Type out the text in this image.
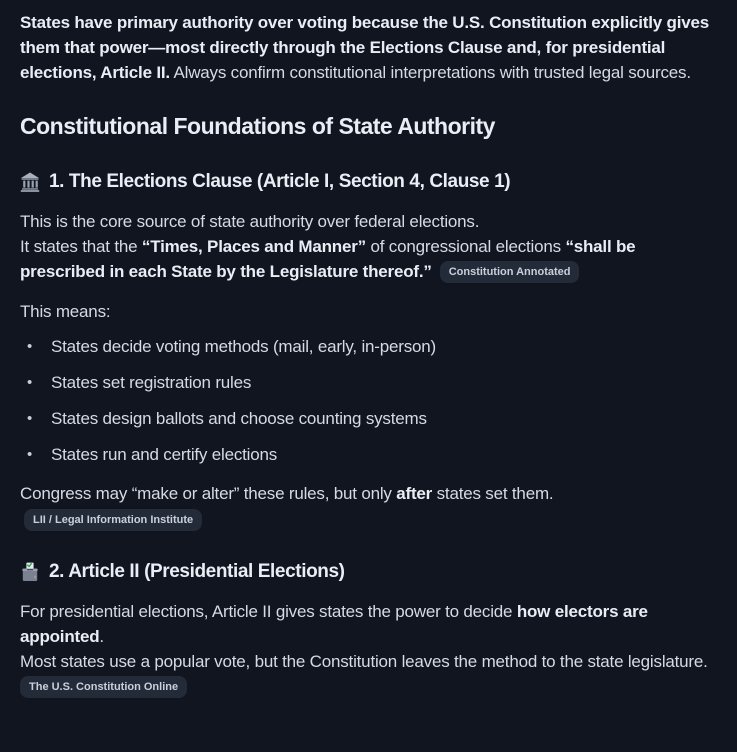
States have primary authority over voting because the U.S. Constitution explicitly gives them that power—most directly through the Elections Clause and, for presidential elections, Article II. Always confirm constitutional interpretations with trusted legal sources.

Constitutional Foundations of State Authority
1. The Elections Clause (Article I, Section 4, Clause 1)

This is the core source of state authority over federal elections.
It states that the “Times, Places and Manner” of congressional elections “shall be prescribed in each State by the Legislature thereof.” Constitution Annotated

This means:

• States decide voting methods (mail, early, in-person)
• States set registration rules
• States design ballots and choose counting systems
• States run and certify elections

Congress may “make or alter” these rules, but only after states set them.
LII / Legal Information Institute

2. Article II (Presidential Elections)

For presidential elections, Article II gives states the power to decide how electors are appointed.
Most states use a popular vote, but the Constitution leaves the method to the state legislature. The U.S. Constitution Online
